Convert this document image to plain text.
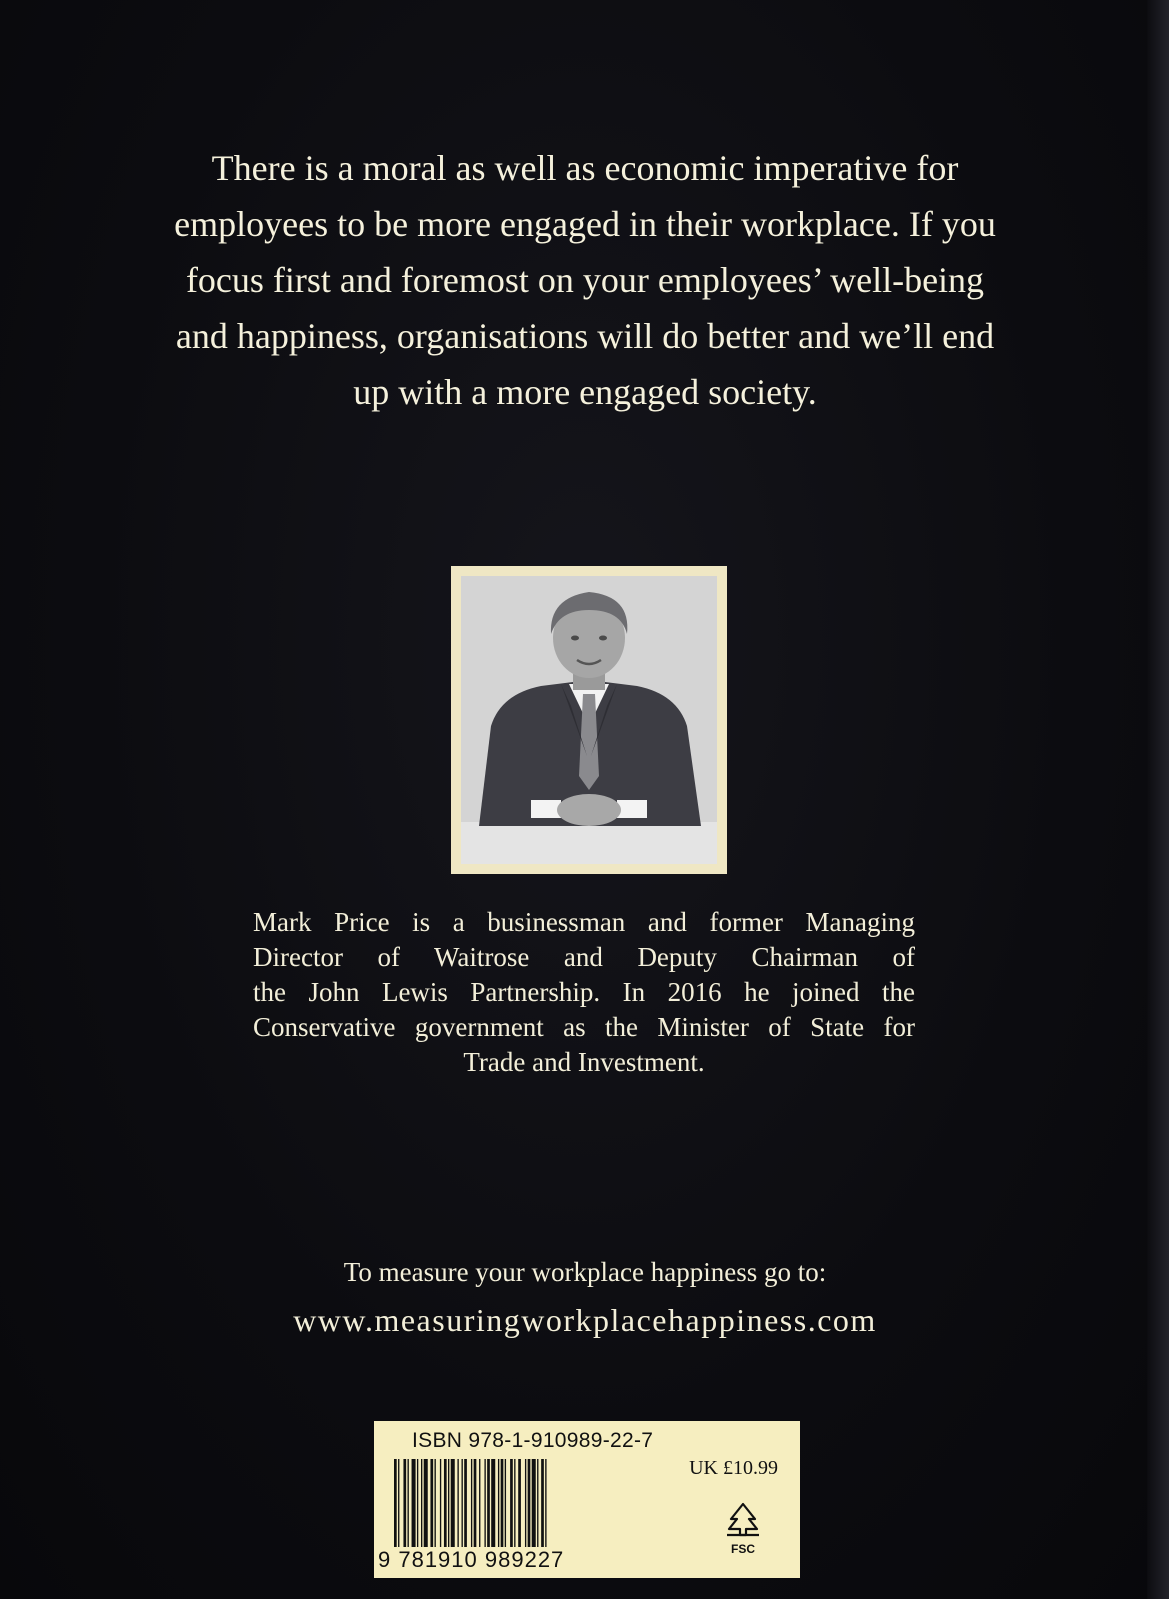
There is a moral as well as economic imperative for
employees to be more engaged in their workplace. If you
focus first and foremost on your employees’ well-being
and happiness, organisations will do better and we’ll end
up with a more engaged society.
Mark Price is a businessman and former Managing
Director of Waitrose and Deputy Chairman of
the John Lewis Partnership. In 2016 he joined the
Conservative government as the Minister of State for
Trade and Investment.
To measure your workplace happiness go to:
www.measuringworkplacehappiness.com
ISBN 978-1-910989-22-7
9 781910 989227
UK £10.99
FSC
